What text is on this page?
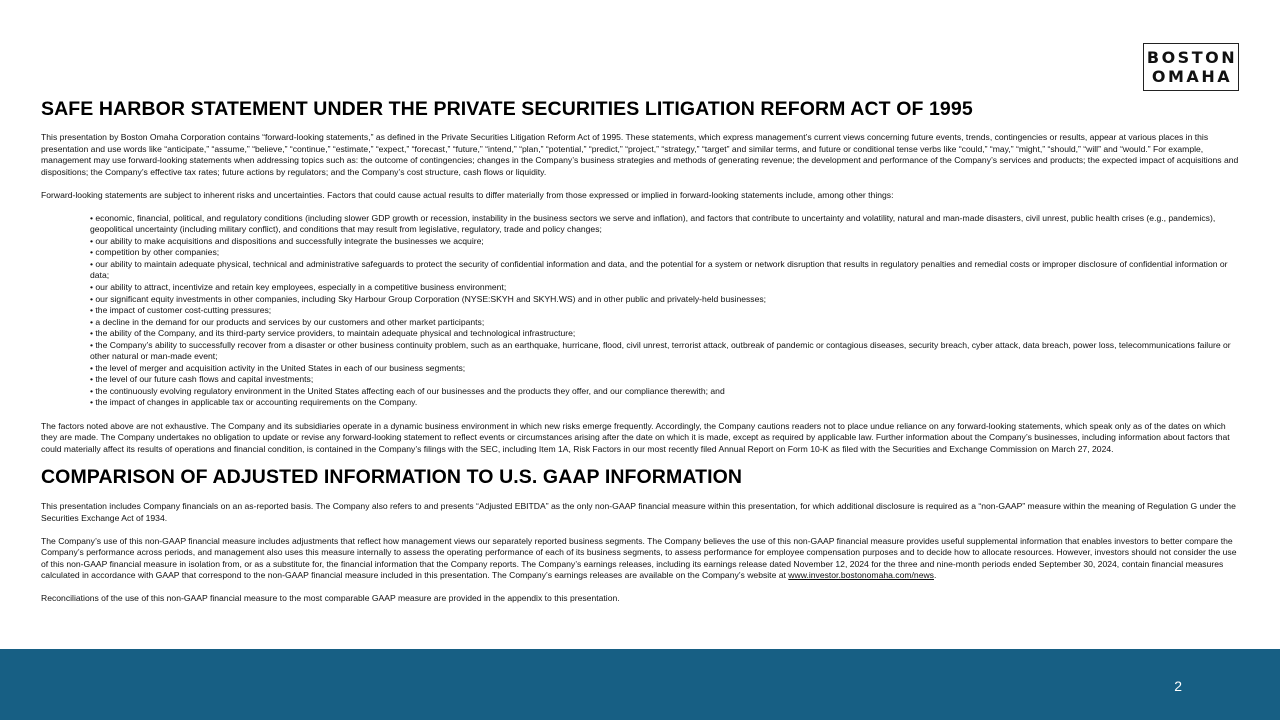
BOSTON
OMAHA
SAFE HARBOR STATEMENT UNDER THE PRIVATE SECURITIES LITIGATION REFORM ACT OF 1995

This presentation by Boston Omaha Corporation contains “forward-looking statements,” as defined in the Private Securities Litigation Reform Act of 1995. These statements, which express management’s current views concerning future events, trends, contingencies or results, appear at various places in this presentation and use words like “anticipate,” “assume,” “believe,” “continue,” “estimate,” “expect,” “forecast,” “future,” “intend,” “plan,” “potential,” “predict,” “project,” “strategy,” “target” and similar terms, and future or conditional tense verbs like “could,” “may,” “might,” “should,” “will” and “would.” For example, management may use forward-looking statements when addressing topics such as: the outcome of contingencies; changes in the Company’s business strategies and methods of generating revenue; the development and performance of the Company’s services and products; the expected impact of acquisitions and dispositions; the Company’s effective tax rates; future actions by regulators; and the Company’s cost structure, cash flows or liquidity.

Forward-looking statements are subject to inherent risks and uncertainties. Factors that could cause actual results to differ materially from those expressed or implied in forward-looking statements include, among other things:

• economic, financial, political, and regulatory conditions (including slower GDP growth or recession, instability in the business sectors we serve and inflation), and factors that contribute to uncertainty and volatility, natural and man-made disasters, civil unrest, public health crises (e.g., pandemics), geopolitical uncertainty (including military conflict), and conditions that may result from legislative, regulatory, trade and policy changes;
• our ability to make acquisitions and dispositions and successfully integrate the businesses we acquire;
• competition by other companies;
• our ability to maintain adequate physical, technical and administrative safeguards to protect the security of confidential information and data, and the potential for a system or network disruption that results in regulatory penalties and remedial costs or improper disclosure of confidential information or data;
• our ability to attract, incentivize and retain key employees, especially in a competitive business environment;
• our significant equity investments in other companies, including Sky Harbour Group Corporation (NYSE:SKYH and SKYH.WS) and in other public and privately-held businesses;
• the impact of customer cost-cutting pressures;
• a decline in the demand for our products and services by our customers and other market participants;
• the ability of the Company, and its third-party service providers, to maintain adequate physical and technological infrastructure;
• the Company’s ability to successfully recover from a disaster or other business continuity problem, such as an earthquake, hurricane, flood, civil unrest, terrorist attack, outbreak of pandemic or contagious diseases, security breach, cyber attack, data breach, power loss, telecommunications failure or other natural or man-made event;
• the level of merger and acquisition activity in the United States in each of our business segments;
• the level of our future cash flows and capital investments;
• the continuously evolving regulatory environment in the United States affecting each of our businesses and the products they offer, and our compliance therewith; and
• the impact of changes in applicable tax or accounting requirements on the Company.

The factors noted above are not exhaustive. The Company and its subsidiaries operate in a dynamic business environment in which new risks emerge frequently. Accordingly, the Company cautions readers not to place undue reliance on any forward-looking statements, which speak only as of the dates on which they are made. The Company undertakes no obligation to update or revise any forward-looking statement to reflect events or circumstances arising after the date on which it is made, except as required by applicable law. Further information about the Company’s businesses, including information about factors that could materially affect its results of operations and financial condition, is contained in the Company’s filings with the SEC, including Item 1A, Risk Factors in our most recently filed Annual Report on Form 10-K as filed with the Securities and Exchange Commission on March 27, 2024.

COMPARISON OF ADJUSTED INFORMATION TO U.S. GAAP INFORMATION

This presentation includes Company financials on an as-reported basis. The Company also refers to and presents “Adjusted EBITDA” as the only non-GAAP financial measure within this presentation, for which additional disclosure is required as a “non-GAAP” measure within the meaning of Regulation G under the Securities Exchange Act of 1934.

The Company’s use of this non-GAAP financial measure includes adjustments that reflect how management views our separately reported business segments. The Company believes the use of this non-GAAP financial measure provides useful supplemental information that enables investors to better compare the Company’s performance across periods, and management also uses this measure internally to assess the operating performance of each of its business segments, to assess performance for employee compensation purposes and to decide how to allocate resources. However, investors should not consider the use of this non-GAAP financial measure in isolation from, or as a substitute for, the financial information that the Company reports. The Company’s earnings releases, including its earnings release dated November 12, 2024 for the three and nine-month periods ended September 30, 2024, contain financial measures calculated in accordance with GAAP that correspond to the non-GAAP financial measure included in this presentation. The Company’s earnings releases are available on the Company’s website at www.investor.bostonomaha.com/news.

Reconciliations of the use of this non-GAAP financial measure to the most comparable GAAP measure are provided in the appendix to this presentation.

2
